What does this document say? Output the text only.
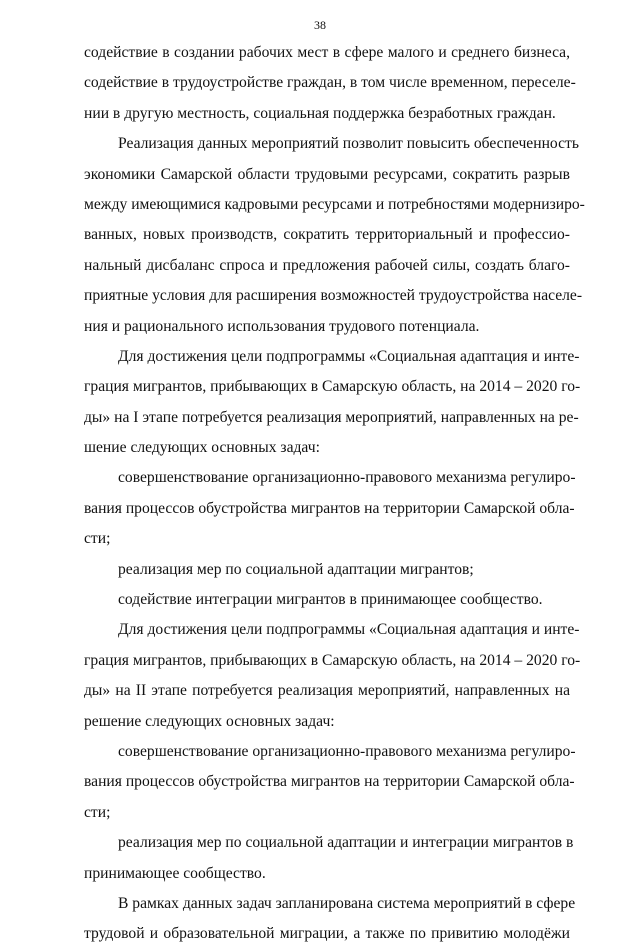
38
содействие в создании рабочих мест в сфере малого и среднего бизнеса,
содействие в трудоустройстве граждан, в том числе временном, переселе-
нии в другую местность, социальная поддержка безработных граждан.
Реализация данных мероприятий позволит повысить обеспеченность
экономики Самарской области трудовыми ресурсами, сократить разрыв
между имеющимися кадровыми ресурсами и потребностями модернизиро-
ванных, новых производств, сократить территориальный и профессио-
нальный дисбаланс спроса и предложения рабочей силы, создать благо-
приятные условия для расширения возможностей трудоустройства населе-
ния и рационального использования трудового потенциала.
Для достижения цели подпрограммы «Социальная адаптация и инте-
грация мигрантов, прибывающих в Самарскую область, на 2014 – 2020 го-
ды» на I этапе потребуется реализация мероприятий, направленных на ре-
шение следующих основных задач:
совершенствование организационно-правового механизма регулиро-
вания процессов обустройства мигрантов на территории Самарской обла-
сти;
реализация мер по социальной адаптации мигрантов;
содействие интеграции мигрантов в принимающее сообщество.
Для достижения цели подпрограммы «Социальная адаптация и инте-
грация мигрантов, прибывающих в Самарскую область, на 2014 – 2020 го-
ды» на II этапе потребуется реализация мероприятий, направленных на
решение следующих основных задач:
совершенствование организационно-правового механизма регулиро-
вания процессов обустройства мигрантов на территории Самарской обла-
сти;
реализация мер по социальной адаптации и интеграции мигрантов в
принимающее сообщество.
В рамках данных задач запланирована система мероприятий в сфере
трудовой и образовательной миграции, а также по привитию молодёжи
